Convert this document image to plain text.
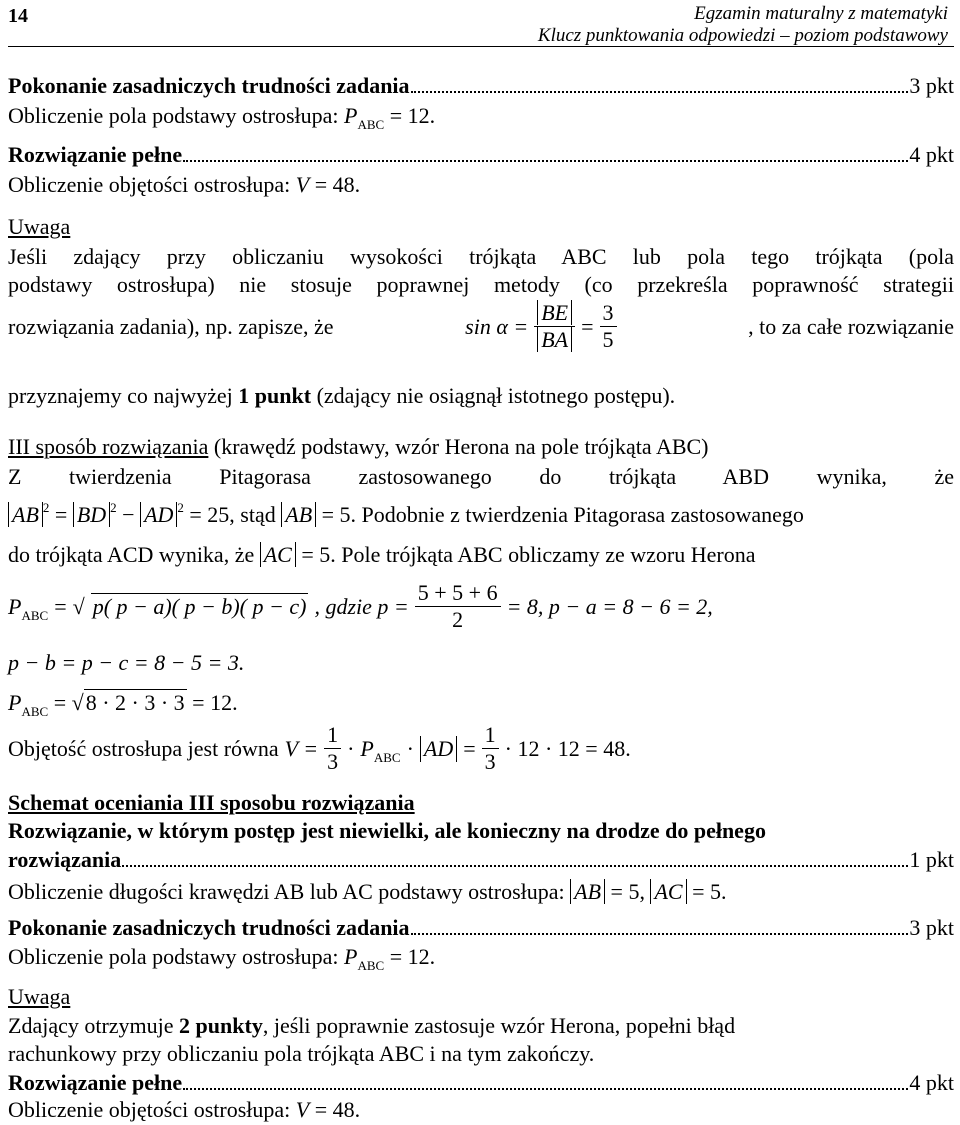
14	Egzamin maturalny z matematyki
Klucz punktowania odpowiedzi – poziom podstawowy
Pokonanie zasadniczych trudności zadania	3 pkt
Obliczenie pola podstawy ostrosłupa: $P_{ABC} = 12$.
Rozwiązanie pełne	4 pkt
Obliczenie objętości ostrosłupa: V = 48.
Uwaga
Jeśli zdający przy obliczaniu wysokości trójkąta ABC lub pola tego trójkąta (pola
podstawy ostrosłupa) nie stosuje poprawnej metody (co przekreśla poprawność strategii
rozwiązania zadania), np. zapisze, że	$\sin \alpha = \frac{BE}{BA} = \frac{3}{5}$	, to za całe rozwiązanie
przyznajemy co najwyżej 1 punkt (zdający nie osiągnął istotnego postępu).
III sposób rozwiązania (krawędź podstawy, wzór Herona na pole trójkąta ABC)
Z twierdzenia Pitagorasa zastosowanego do trójkąta ABD wynika, że
AB $^2$ = BD $^2$ − AD $^2$ = 25, stąd AB = 5. Podobnie z twierdzenia Pitagorasa zastosowanego
do trójkąta ACD wynika, że AC = 5. Pole trójkąta ABC obliczamy ze wzoru Herona
$P_{ABC}$ = √ p( p − a)( p − b)( p − c) , gdzie $p = \frac{5 + 5 + 6}{2} = 8$, p − a = 8 − 6 = 2,
p − b = p − c = 8 − 5 = 3.
$P_{ABC} = √8 \cdot 2 \cdot 3 \cdot 3 = 12$.
Objętość ostrosłupa jest równa $V = \frac{1}{3} \cdot P_{ABC}$ · AD = $\frac{1}{3} \cdot 12 \cdot 12 = 48$.
Schemat oceniania III sposobu rozwiązania
Rozwiązanie, w którym postęp jest niewielki, ale konieczny na drodze do pełnego
rozwiązania	1 pkt
Obliczenie długości krawędzi AB lub AC podstawy ostrosłupa: AB = 5, AC = 5.
Pokonanie zasadniczych trudności zadania	3 pkt
Obliczenie pola podstawy ostrosłupa: $P_{ABC} = 12$.
Uwaga
Zdający otrzymuje 2 punkty, jeśli poprawnie zastosuje wzór Herona, popełni błąd
rachunkowy przy obliczaniu pola trójkąta ABC i na tym zakończy.
Rozwiązanie pełne	4 pkt
Obliczenie objętości ostrosłupa: V = 48.
